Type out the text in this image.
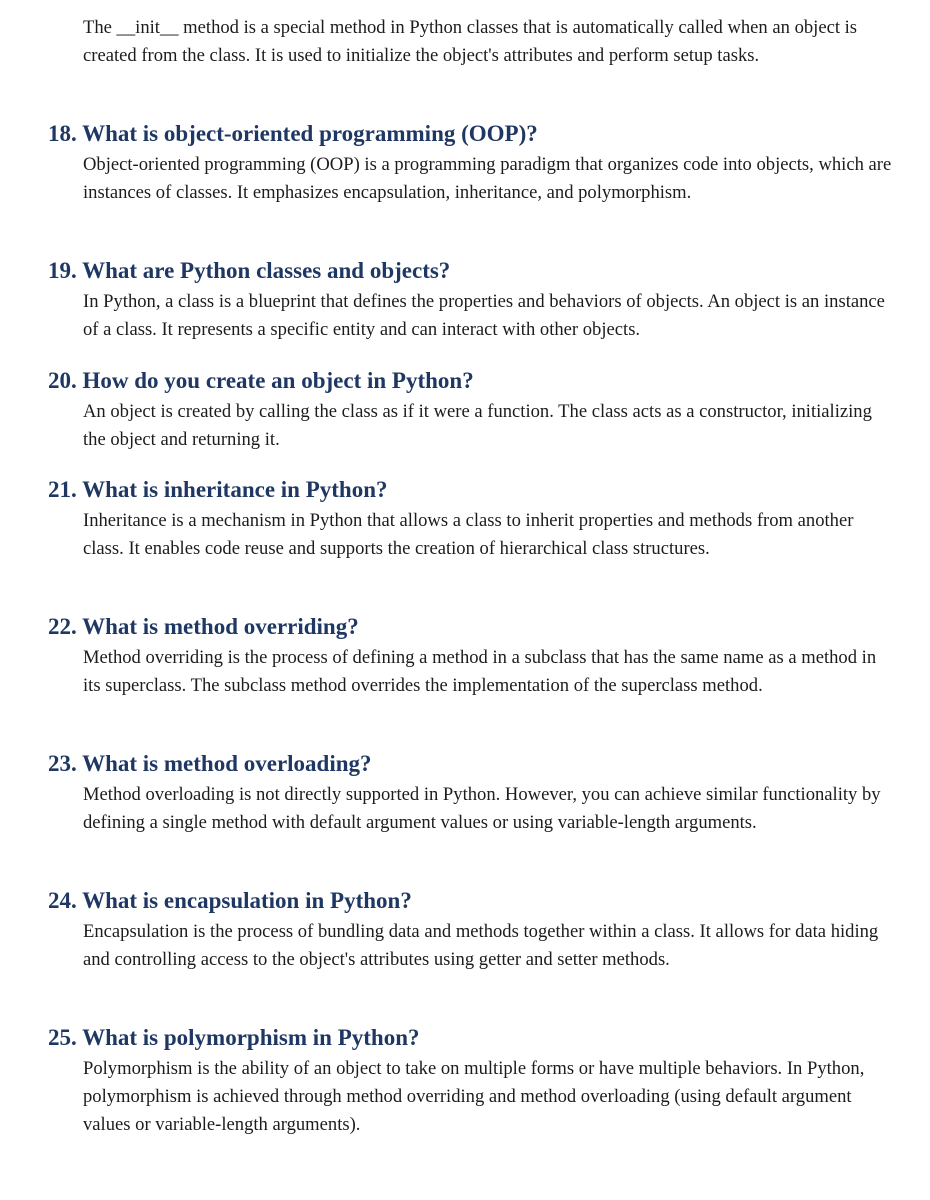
The __init__ method is a special method in Python classes that is automatically called when an object is created from the class. It is used to initialize the object's attributes and perform setup tasks.

18. What is object-oriented programming (OOP)?

Object-oriented programming (OOP) is a programming paradigm that organizes code into objects, which are instances of classes. It emphasizes encapsulation, inheritance, and polymorphism.

19. What are Python classes and objects?

In Python, a class is a blueprint that defines the properties and behaviors of objects. An object is an instance of a class. It represents a specific entity and can interact with other objects.

20. How do you create an object in Python?

An object is created by calling the class as if it were a function. The class acts as a constructor, initializing the object and returning it.

21. What is inheritance in Python?

Inheritance is a mechanism in Python that allows a class to inherit properties and methods from another class. It enables code reuse and supports the creation of hierarchical class structures.

22. What is method overriding?

Method overriding is the process of defining a method in a subclass that has the same name as a method in its superclass. The subclass method overrides the implementation of the superclass method.

23. What is method overloading?

Method overloading is not directly supported in Python. However, you can achieve similar functionality by defining a single method with default argument values or using variable-length arguments.

24. What is encapsulation in Python?

Encapsulation is the process of bundling data and methods together within a class. It allows for data hiding and controlling access to the object's attributes using getter and setter methods.

25. What is polymorphism in Python?

Polymorphism is the ability of an object to take on multiple forms or have multiple behaviors. In Python, polymorphism is achieved through method overriding and method overloading (using default argument values or variable-length arguments).
